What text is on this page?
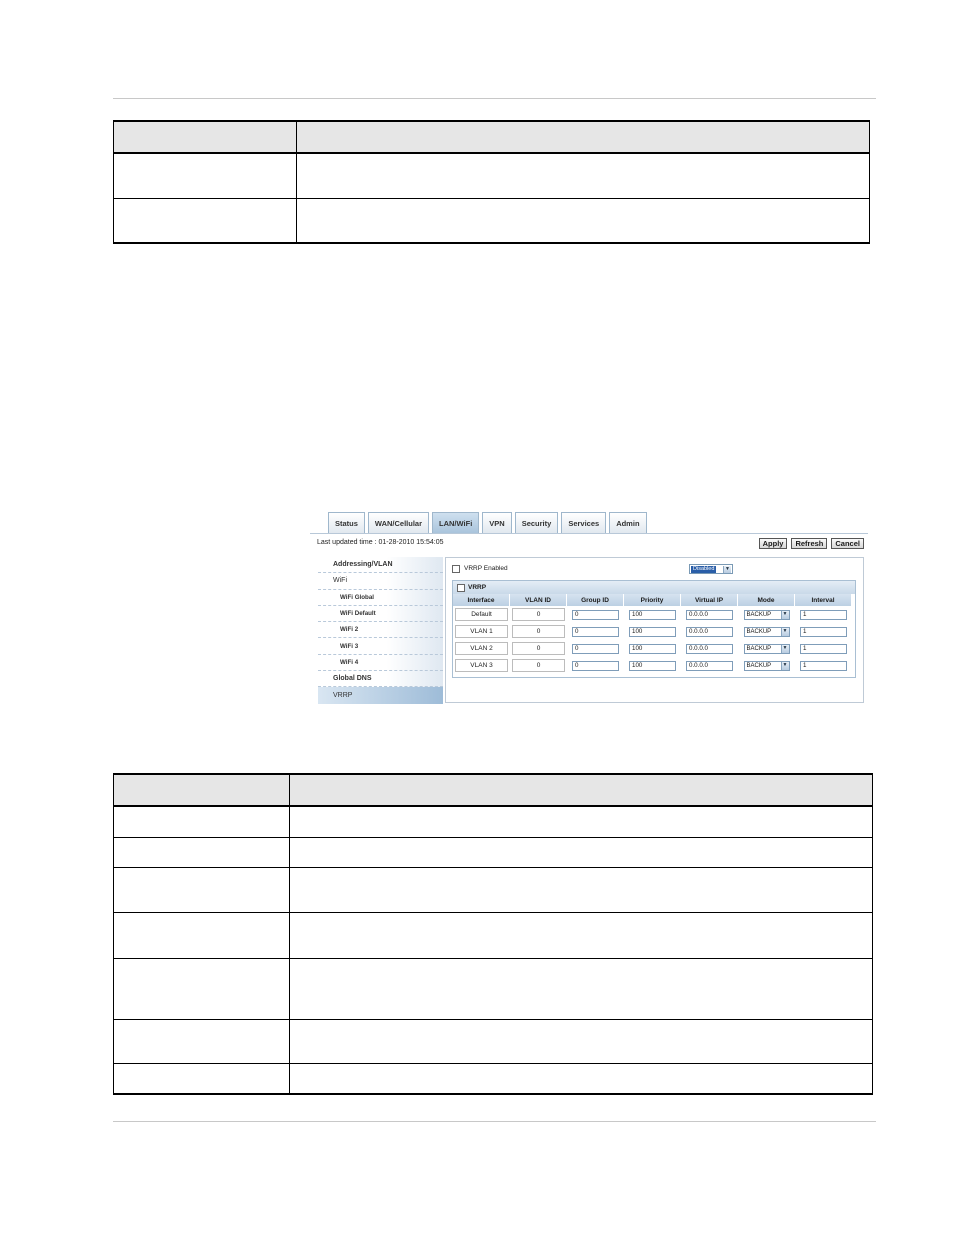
Status	WAN/Cellular	LAN/WiFi	VPN	Security	Services	Admin
Last updated time : 01-28-2010 15:54:05	Apply	Refresh	Cancel
Addressing/VLAN
WiFi
WiFi Global
WiFi Default
WiFi 2
WiFi 3
WiFi 4
Global DNS
VRRP
VRRP Enabled	Disabled	▼
VRRP
Interface	VLAN ID	Group ID	Priority	Virtual IP	Mode	Interval
Default	0	0	100	0.0.0.0	BACKUP	▼	1
VLAN 1	0	0	100	0.0.0.0	BACKUP	▼	1
VLAN 2	0	0	100	0.0.0.0	BACKUP	▼	1
VLAN 3	0	0	100	0.0.0.0	BACKUP	▼	1
